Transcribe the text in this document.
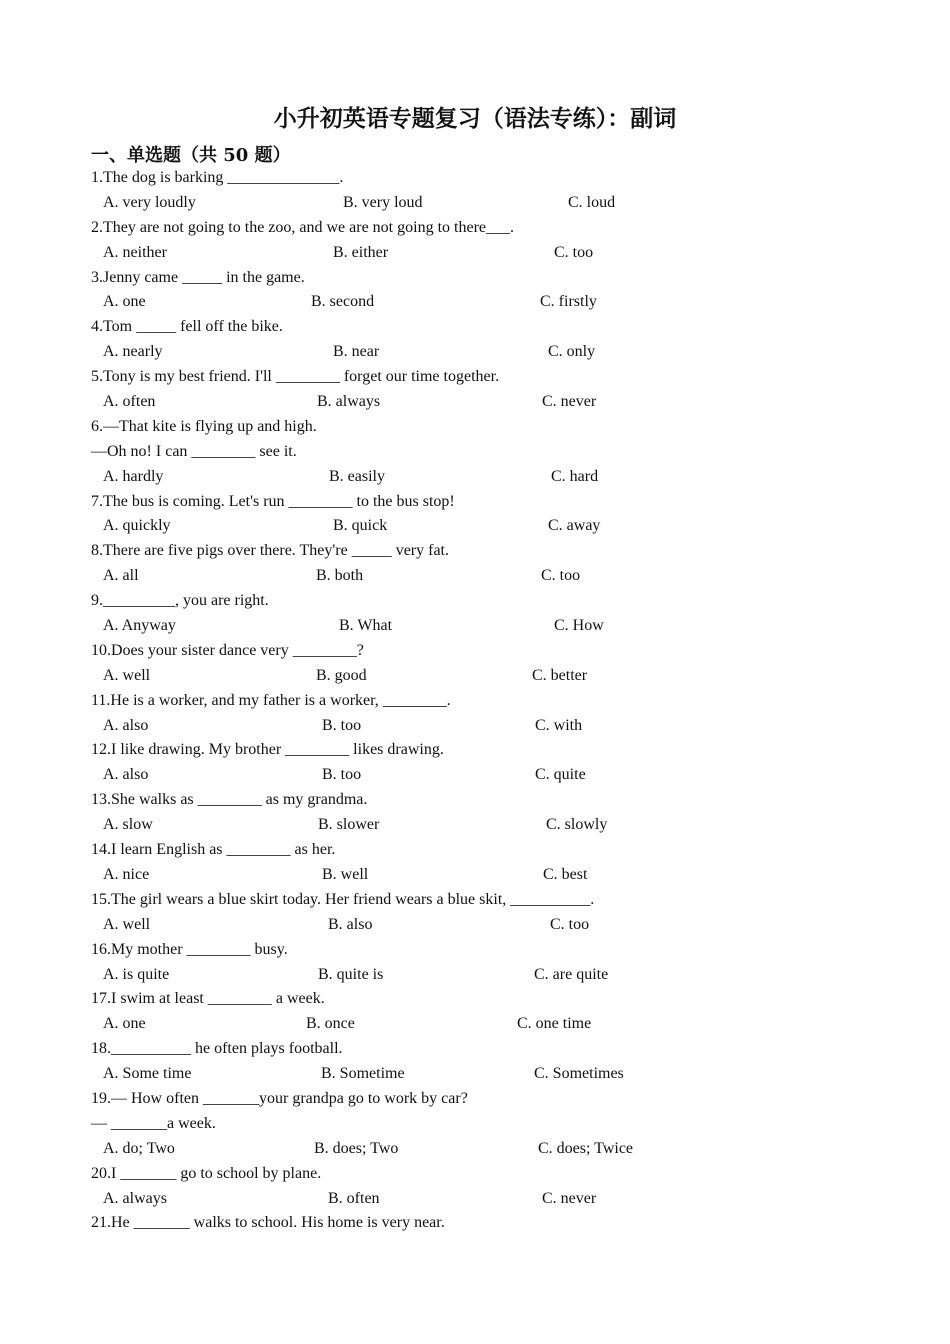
小升初英语专题复习（语法专练）：副词
一、单选题（共 50 题）
1.The dog is barking ______________.
A. very loudly	B. very loud	C. loud
2.They are not going to the zoo, and we are not going to there___.
A. neither	B. either	C. too
3.Jenny came _____ in the game.
A. one	B. second	C. firstly
4.Tom _____ fell off the bike.
A. nearly	B. near	C. only
5.Tony is my best friend. I'll ________ forget our time together.
A. often	B. always	C. never
6.—That kite is flying up and high.
—Oh no! I can ________ see it.
A. hardly	B. easily	C. hard
7.The bus is coming. Let's run ________ to the bus stop!
A. quickly	B. quick	C. away
8.There are five pigs over there. They're _____ very fat.
A. all	B. both	C. too
9._________, you are right.
A. Anyway	B. What	C. How
10.Does your sister dance very ________?
A. well	B. good	C. better
11.He is a worker, and my father is a worker, ________.
A. also	B. too	C. with
12.I like drawing. My brother ________ likes drawing.
A. also	B. too	C. quite
13.She walks as ________ as my grandma.
A. slow	B. slower	C. slowly
14.I learn English as ________ as her.
A. nice	B. well	C. best
15.The girl wears a blue skirt today. Her friend wears a blue skit, __________.
A. well	B. also	C. too
16.My mother ________ busy.
A. is quite	B. quite is	C. are quite
17.I swim at least ________ a week.
A. one	B. once	C. one time
18.__________ he often plays football.
A. Some time	B. Sometime	C. Sometimes
19.— How often _______your grandpa go to work by car?
— _______a week.
A. do; Two	B. does; Two	C. does; Twice
20.I _______ go to school by plane.
A. always	B. often	C. never
21.He _______ walks to school. His home is very near.
